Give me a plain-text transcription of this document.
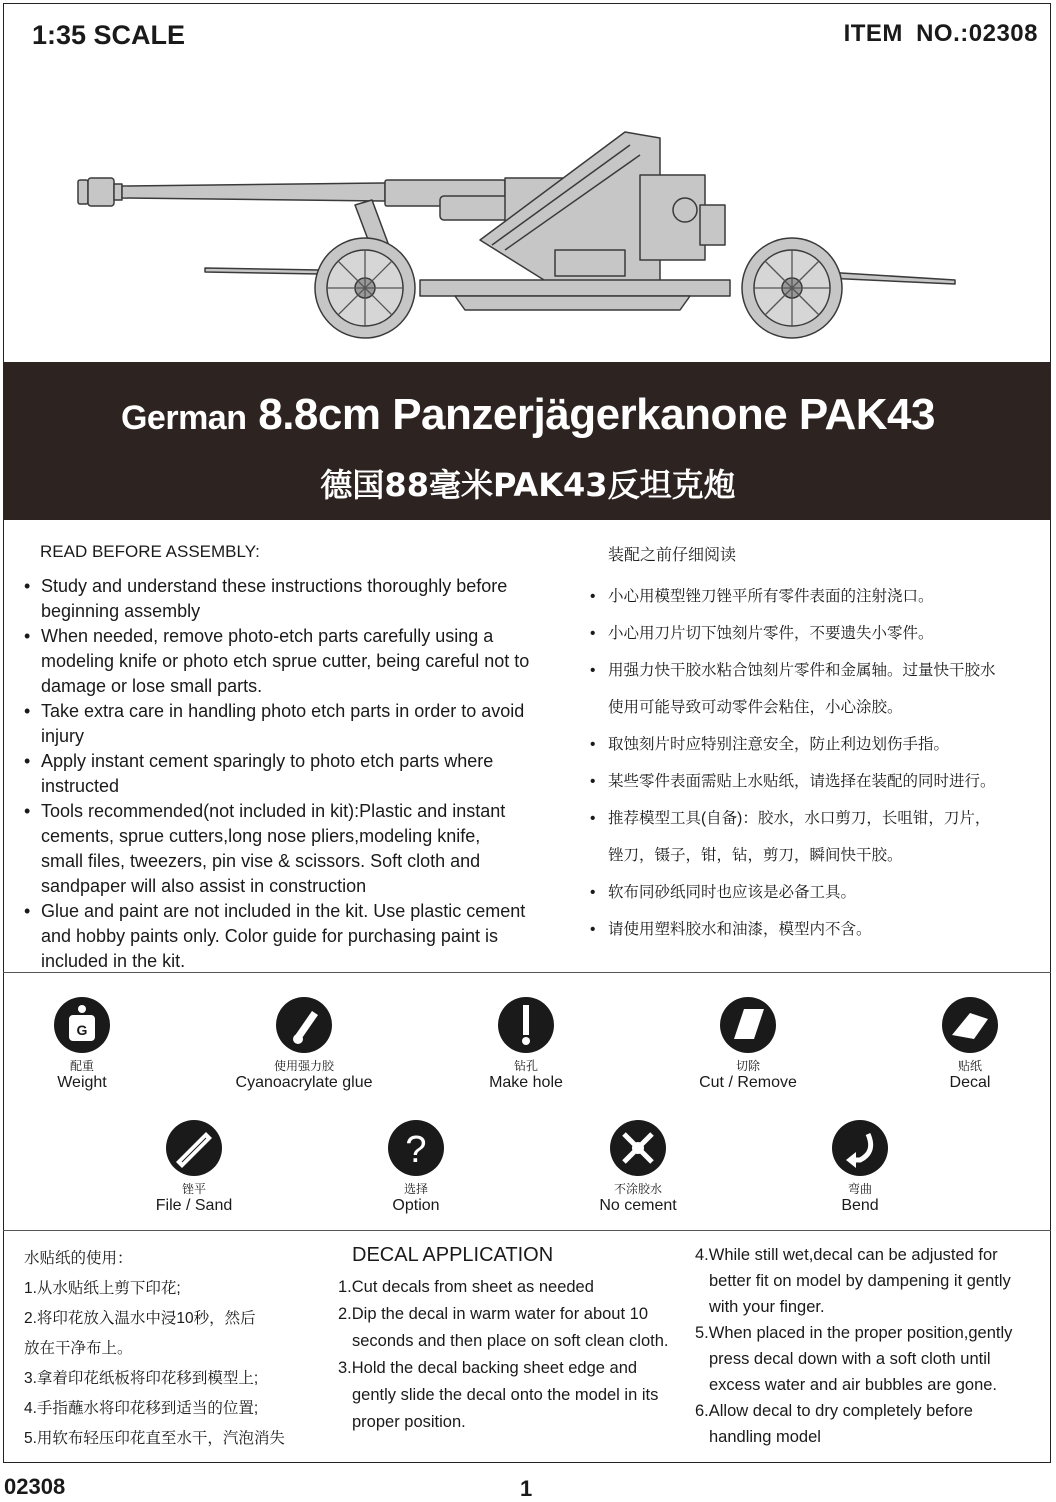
1:35 SCALE	ITEM NO.:02308
German 8.8cm Panzerjägerkanone PAK43
德国88毫米PAK43反坦克炮
READ BEFORE ASSEMBLY:
• Study and understand these instructions thoroughly before
beginning assembly
• When needed, remove photo-etch parts carefully using a
modeling knife or photo etch sprue cutter, being careful not to
damage or lose small parts.
• Take extra care in handling photo etch parts in order to avoid
injury
• Apply instant cement sparingly to photo etch parts where
instructed
• Tools recommended(not included in kit):Plastic and instant
cements, sprue cutters,long nose pliers,modeling knife,
small files, tweezers, pin vise & scissors. Soft cloth and
sandpaper will also assist in construction
• Glue and paint are not included in the kit. Use plastic cement
and hobby paints only. Color guide for purchasing paint is
included in the kit.
装配之前仔细阅读
• 小心用模型锉刀锉平所有零件表面的注射浇口。
• 小心用刀片切下蚀刻片零件，不要遗失小零件。
• 用强力快干胶水粘合蚀刻片零件和金属轴。过量快干胶水
使用可能导致可动零件会粘住，小心涂胶。
• 取蚀刻片时应特别注意安全，防止利边划伤手指。
• 某些零件表面需贴上水贴纸，请选择在装配的同时进行。
• 推荐模型工具(自备)：胶水，水口剪刀，长咀钳，刀片，
锉刀，镊子，钳，钻，剪刀，瞬间快干胶。
• 软布同砂纸同时也应该是必备工具。
• 请使用塑料胶水和油漆，模型内不含。
G
配重
Weight
使用强力胶
Cyanoacrylate glue
钻孔
Make hole
切除
Cut / Remove
贴纸
Decal
锉平
File / Sand
?
选择
Option
不涂胶水
No cement
弯曲
Bend
水贴纸的使用：
1.从水贴纸上剪下印花;
2.将印花放入温水中浸10秒，然后
放在干净布上。
3.拿着印花纸板将印花移到模型上;
4.手指蘸水将印花移到适当的位置;
5.用软布轻压印花直至水干，汽泡消失
DECAL APPLICATION
1.Cut decals from sheet as needed
2.Dip the decal in warm water for about 10
seconds and then place on soft clean cloth.
3.Hold the decal backing sheet edge and
gently slide the decal onto the model in its
proper position.
4.While still wet,decal can be adjusted for
better fit on model by dampening it gently
with your finger.
5.When placed in the proper position,gently
press decal down with a soft cloth until
excess water and air bubbles are gone.
6.Allow decal to dry completely before
handling model
02308	1
